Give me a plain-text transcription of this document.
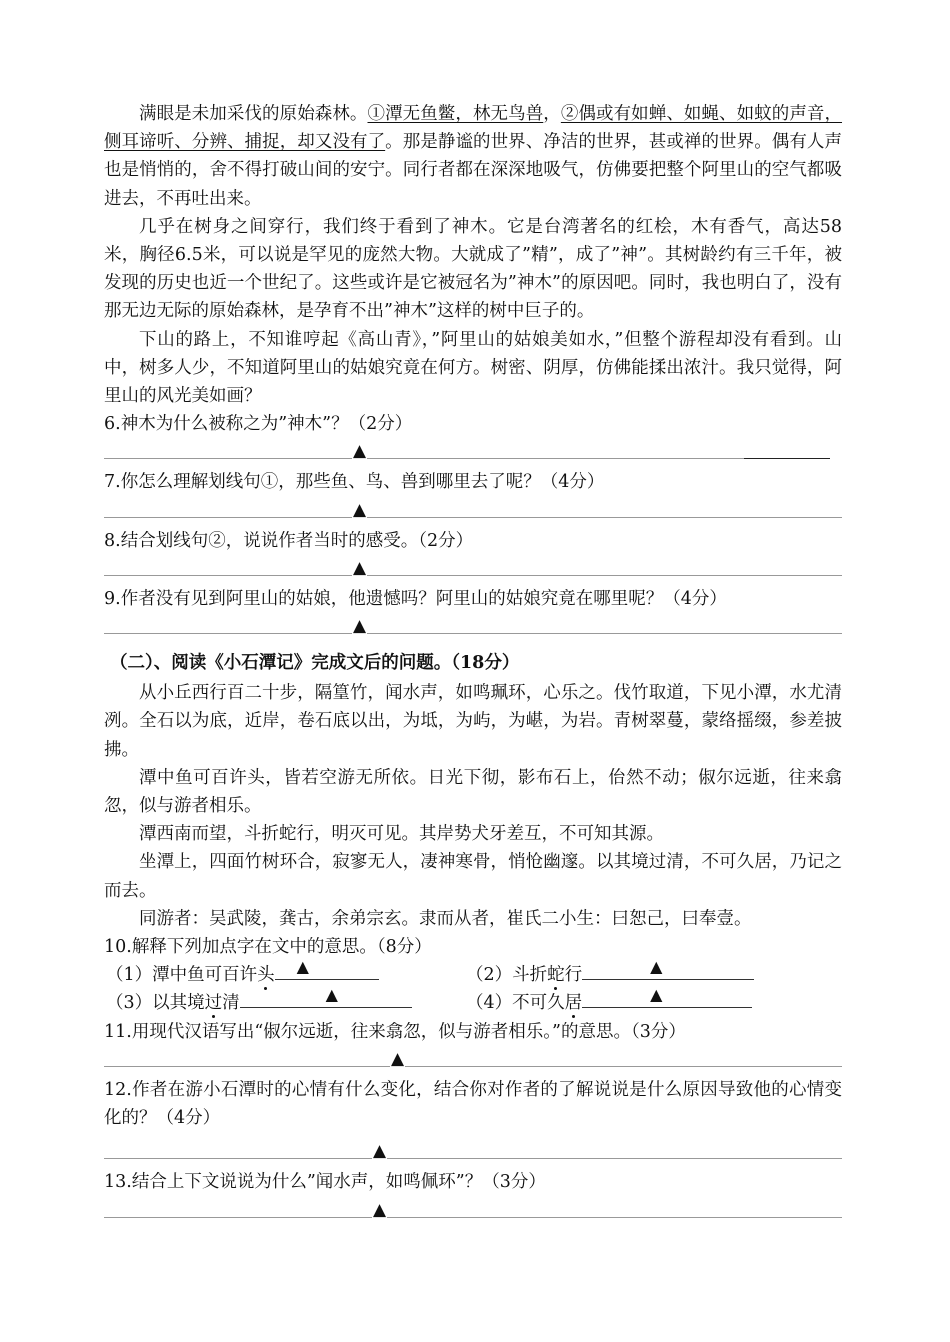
满眼是未加采伐的原始森林。①潭无鱼鳖，林无鸟兽，②偶或有如蝉、如蝇、如蚊的声音，侧耳谛听、分辨、捕捉，却又没有了。那是静谧的世界、净洁的世界，甚或禅的世界。偶有人声也是悄悄的，舍不得打破山间的安宁。同行者都在深深地吸气，仿佛要把整个阿里山的空气都吸进去，不再吐出来。

几乎在树身之间穿行，我们终于看到了神木。它是台湾著名的红桧，木有香气，高达58米，胸径6.5米，可以说是罕见的庞然大物。大就成了”精”，成了”神”。其树龄约有三千年，被发现的历史也近一个世纪了。这些或许是它被冠名为”神木”的原因吧。同时，我也明白了，没有那无边无际的原始森林，是孕育不出”神木”这样的树中巨子的。

下山的路上，不知谁哼起《高山青》，”阿里山的姑娘美如水，”但整个游程却没有看到。山中，树多人少，不知道阿里山的姑娘究竟在何方。树密、阴厚，仿佛能揉出浓汁。我只觉得，阿里山的风光美如画？

6.神木为什么被称之为”神木”？（2分）

▲

7.你怎么理解划线句①，那些鱼、鸟、兽到哪里去了呢？（4分）

▲

8.结合划线句②，说说作者当时的感受。（2分）

▲

9.作者没有见到阿里山的姑娘，他遗憾吗？阿里山的姑娘究竟在哪里呢？（4分）

▲

（二）、阅读《小石潭记》完成文后的问题。（18分）

从小丘西行百二十步，隔篁竹，闻水声，如鸣珮环，心乐之。伐竹取道，下见小潭，水尤清冽。全石以为底，近岸，卷石底以出，为坻，为屿，为嵁，为岩。青树翠蔓，蒙络摇缀，参差披拂。

潭中鱼可百许头，皆若空游无所依。日光下彻，影布石上，佁然不动；俶尔远逝，往来翕忽，似与游者相乐。

潭西南而望，斗折蛇行，明灭可见。其岸势犬牙差互，不可知其源。

坐潭上，四面竹树环合，寂寥无人，凄神寒骨，悄怆幽邃。以其境过清，不可久居，乃记之而去。

同游者：吴武陵，龚古，余弟宗玄。隶而从者，崔氏二小生：曰恕己，曰奉壹。

10.解释下列加点字在文中的意思。（8分）

（1）潭中鱼可百许头 ▲	（2）斗折蛇行	▲
（3）以其境过清	▲	（4）不可久居	▲

11.用现代汉语写出“俶尔远逝，往来翕忽，似与游者相乐。”的意思。（3分）

▲

12.作者在游小石潭时的心情有什么变化，结合你对作者的了解说说是什么原因导致他的心情变化的？（4分）

▲

13.结合上下文说说为什么”闻水声，如鸣佩环”？（3分）

▲
